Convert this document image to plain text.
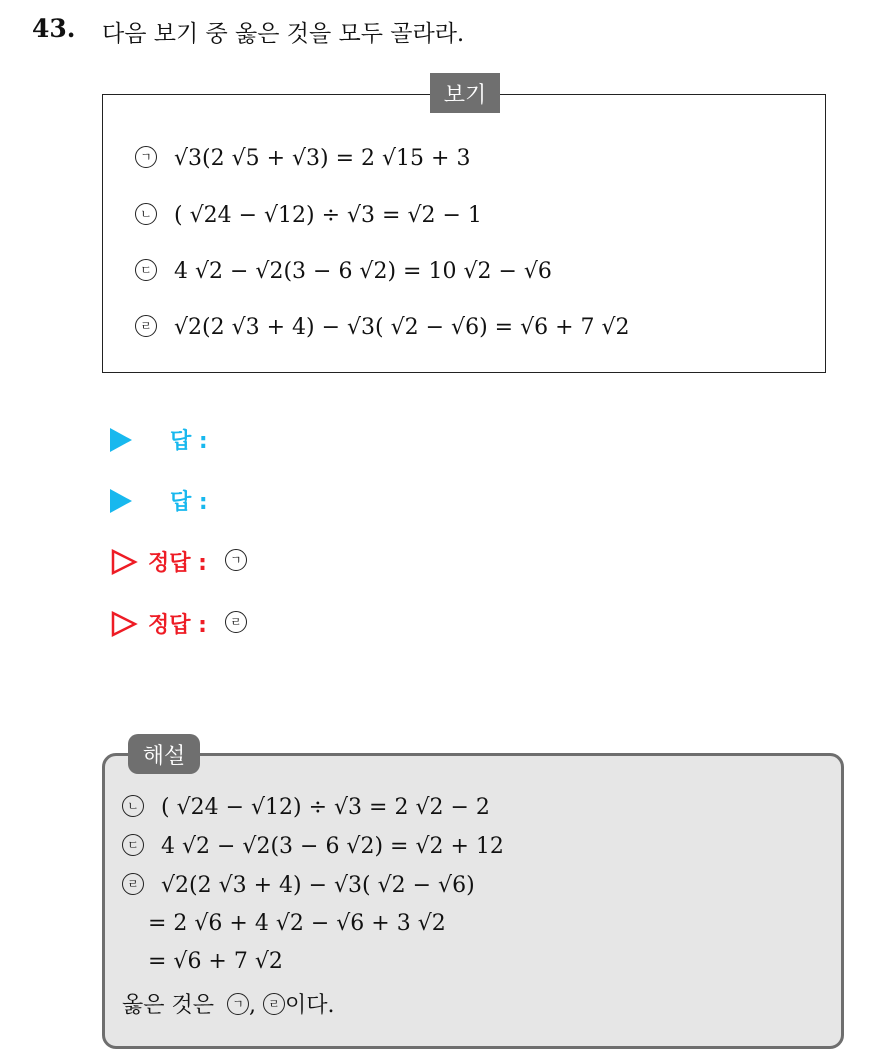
43. 다음 보기 중 옳은 것을 모두 골라라.
보기
ㄱ √3(2 √5 + √3) = 2 √15 + 3
ㄴ ( √24 − √12) ÷ √3 = √2 − 1
ㄷ 4 √2 − √2(3 − 6 √2) = 10 √2 − √6
ㄹ √2(2 √3 + 4) − √3( √2 − √6) = √6 + 7 √2
답 :
답 :
정답 :	ㄱ
정답 :	ㄹ
해설
ㄴ ( √24 − √12) ÷ √3 = 2 √2 − 2
ㄷ 4 √2 − √2(3 − 6 √2) = √2 + 12
ㄹ √2(2 √3 + 4) − √3( √2 − √6)
= 2 √6 + 4 √2 − √6 + 3 √2
= √6 + 7 √2
옳은 것은 ㄱ , ㄹ 이다.
